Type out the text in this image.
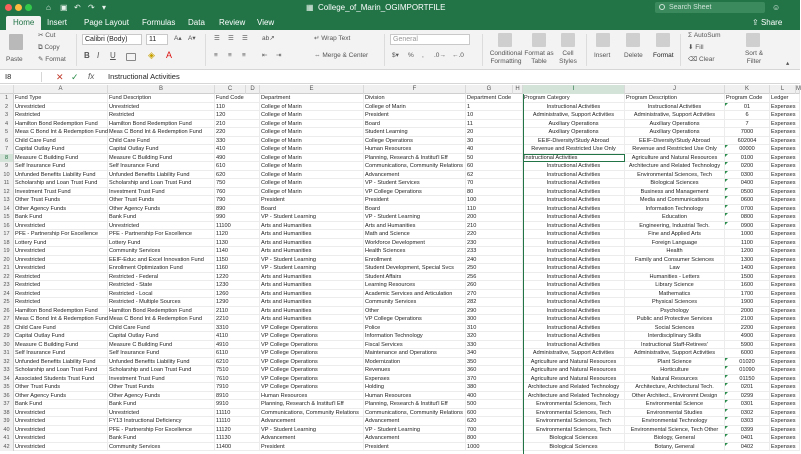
⌂ ▣ ↶ ↷ ▾	▦ College_of_Marin_OGIMPORTFILE	Search Sheet	☺
Home	Insert	Page Layout	Formulas	Data	Review	View	⇪ Share
Paste
✂ Cut
⧉ Copy
✎ Format
Calibri (Body)	11	A▴ A▾
B I U	◈ A
☰ ☰ ☰ ab↗
≡ ≡ ≡ ⇤ ⇥
↵ Wrap Text
⇔ Merge & Center
General
$▾ % , .0→ ←.0	Conditional Formatting
Format as Table
Cell Styles
Insert Delete Format
Σ AutoSum
⬇ Fill
⌫ Clear
Sort & Filter	▴
I8	✕ ✓ fx Instructional Activities
A	B	C	D	E	F	G	H	I	J	K	L	M
1	Fund Type	Fund Description	Fund Code	Department	Division	Department Code	Program Category	Program Description	Program Code	Ledger
2	Unrestricted	Unrestricted	110	College of Marin	College of Marin	1	Instructional Activities	Instructional Activities	01	Expenses
3	Restricted	Restricted	120	College of Marin	President	10	Administrative, Support Activities	Administrative, Support Activities	6	Expenses
4	Hamilton Bond Redemption Fund	Hamilton Bond Redemption Fund	210	College of Marin	Board	11	Auxiliary Operations	Auxiliary Operations	7	Expenses
5	Meas C Bond Int & Redemption Fund Meas C Bond Int & Redemption Fund	220	College of Marin	Student Learning	20	Auxiliary Operations	Auxiliary Operations	7000	Expenses
6	Child Care Fund	Child Care Fund	330	College of Marin	College Operations	30	EEIF-Diversity/Study Abroad	EEIF-Diversity/Study Abroad	602004	Expenses
7	Capital Outlay Fund	Capital Outlay Fund	410	College of Marin	Human Resources	40	Revenue and Restricted Use Only	Revenue and Restricted Use Only	00000	Expenses
8	Measure C Building Fund	Measure C Building Fund	490	College of Marin	Planning, Research & Institut'l Eff	50	Instructional Activities	Agriculture and Natural Resources	0100	Expenses
9	Self Insurance Fund	Self Insurance Fund	610	College of Marin	Communications, Community Relations 60	Instructional Activities	Architecture and Related Technology	0200	Expenses
10 Unfunded Benefits Liability Fund	Unfunded Benefits Liability Fund	620	College of Marin	Advancement	62	Instructional Activities	Environmental Sciences, Tech	0300	Expenses
11 Scholarship and Loan Trust Fund	Scholarship and Loan Trust Fund	750	College of Marin	VP - Student Services	70	Instructional Activities	Biological Sciences	0400	Expenses
12 Investment Trust Fund	Investment Trust Fund	760	College of Marin	VP College Operations	80	Instructional Activities	Business and Management	0500	Expenses
13 Other Trust Funds	Other Trust Funds	790	President	President	100	Instructional Activities	Media and Communications	0600	Expenses
14 Other Agency Funds	Other Agency Funds	890	Board	Board	110	Instructional Activities	Information Technology	0700	Expenses
15 Bank Fund	Bank Fund	990	VP - Student Learning	VP - Student Learning	200	Instructional Activities	Education	0800	Expenses
16 Unrestricted	Unrestricted	11100	Arts and Humanities	Arts and Humanities	210	Instructional Activities	Engineering, Industrial Tech.	0900	Expenses
17 PFE - Partnership For Excellence	PFE - Partnership For Excellence	1120	Arts and Humanities	Math and Science	220	Instructional Activities	Fine and Applied Arts	1000	Expenses
18 Lottery Fund	Lottery Fund	1130	Arts and Humanities	Workforce Development	230	Instructional Activities	Foreign Language	1100	Expenses
19 Unrestricted	Community Services	1140	Arts and Humanities	Health Sciences	233	Instructional Activities	Health	1200	Expenses
20 Unrestricted	EEIF-Educ and Excel Innovation Fund	1150	VP - Student Learning	Enrollment	240	Instructional Activities	Family and Consumer Sciences	1300	Expenses
21 Unrestricted	Enrollment Optimization Fund	1160	VP - Student Learning	Student Development, Special Svcs	250	Instructional Activities	Law	1400	Expenses
22 Restricted	Restricted - Federal	1220	Arts and Humanities	Student Affairs	256	Instructional Activities	Humanities - Letters	1500	Expenses
23 Restricted	Restricted - State	1230	Arts and Humanities	Learning Resources	260	Instructional Activities	Library Science	1600	Expenses
24 Restricted	Restricted - Local	1260	Arts and Humanities	Academic Services and Articulation	270	Instructional Activities	Mathematics	1700	Expenses
25 Restricted	Restricted - Multiple Sources	1290	Arts and Humanities	Community Services	282	Instructional Activities	Physical Sciences	1900	Expenses
26 Hamilton Bond Redemption Fund	Hamilton Bond Redemption Fund	2110	Arts and Humanities	Other	290	Instructional Activities	Psychology	2000	Expenses
27 Meas C Bond Int & Redemption Fund Meas C Bond Int & Redemption Fund	2210	Arts and Humanities	VP College Operations	300	Instructional Activities	Public and Protective Services	2100	Expenses
28 Child Care Fund	Child Care Fund	3310	VP College Operations	Police	310	Instructional Activities	Social Sciences	2200	Expenses
29 Capital Outlay Fund	Capital Outlay Fund	4110	VP College Operations	Information Technology	320	Instructional Activities	Interdisciplinary Skills	4900	Expenses
30 Measure C Building Fund	Measure C Building Fund	4910	VP College Operations	Fiscal Services	330	Instructional Activities	Instructional Staff-Retirees'	5900	Expenses
31 Self Insurance Fund	Self Insurance Fund	6110	VP College Operations	Maintenance and Operations	340	Administrative, Support Activities	Administrative, Support Activities	6000	Expenses
32 Unfunded Benefits Liability Fund	Unfunded Benefits Liability Fund	6210	VP College Operations	Modernization	350	Agriculture and Natural Resources	Plant Science	01020	Expenses
33 Scholarship and Loan Trust Fund	Scholarship and Loan Trust Fund	7510	VP College Operations	Revenues	360	Agriculture and Natural Resources	Horticulture	01090	Expenses
34 Associated Students Trust Fund	Investment Trust Fund	7610	VP College Operations	Expenses	370	Agriculture and Natural Resources	Natural Resources	01150	Expenses
35 Other Trust Funds	Other Trust Funds	7910	VP College Operations	Holding	380	Architecture and Related Technology	Architecture, Architectural Tech.	0201	Expenses
36 Other Agency Funds	Other Agency Funds	8910	Human Resources	Human Resources	400	Architecture and Related Technology	Other Architect., Environmt Design	0299	Expenses
37 Bank Fund	Bank Fund	9910	Planning, Research & Institut'l Eff	Planning, Research & Institut'l Eff	500	Environmental Sciences, Tech	Environmental Science	0301	Expenses
38 Unrestricted	Unrestricted	11110	Communications, Community Relations	Communications, Community Relations 600	Environmental Sciences, Tech	Environmental Studies	0302	Expenses
39 Unrestricted	FY13 Instructional Deficiency	11110	Advancement	Advancement	620	Environmental Sciences, Tech	Environmental Technology	0303	Expenses
40 Unrestricted	PFE - Partnership For Excellence	11120	VP - Student Learning	VP - Student Learning	700	Environmental Sciences, Tech	Environmental Science, Tech Other	0399	Expenses
41 Unrestricted	Bank Fund	11130	Advancement	Advancement	800	Biological Sciences	Biology, General	0401	Expenses
42 Unrestricted	Community Services	11400	President	President	1000	Biological Sciences	Botany, General	0402	Expenses
